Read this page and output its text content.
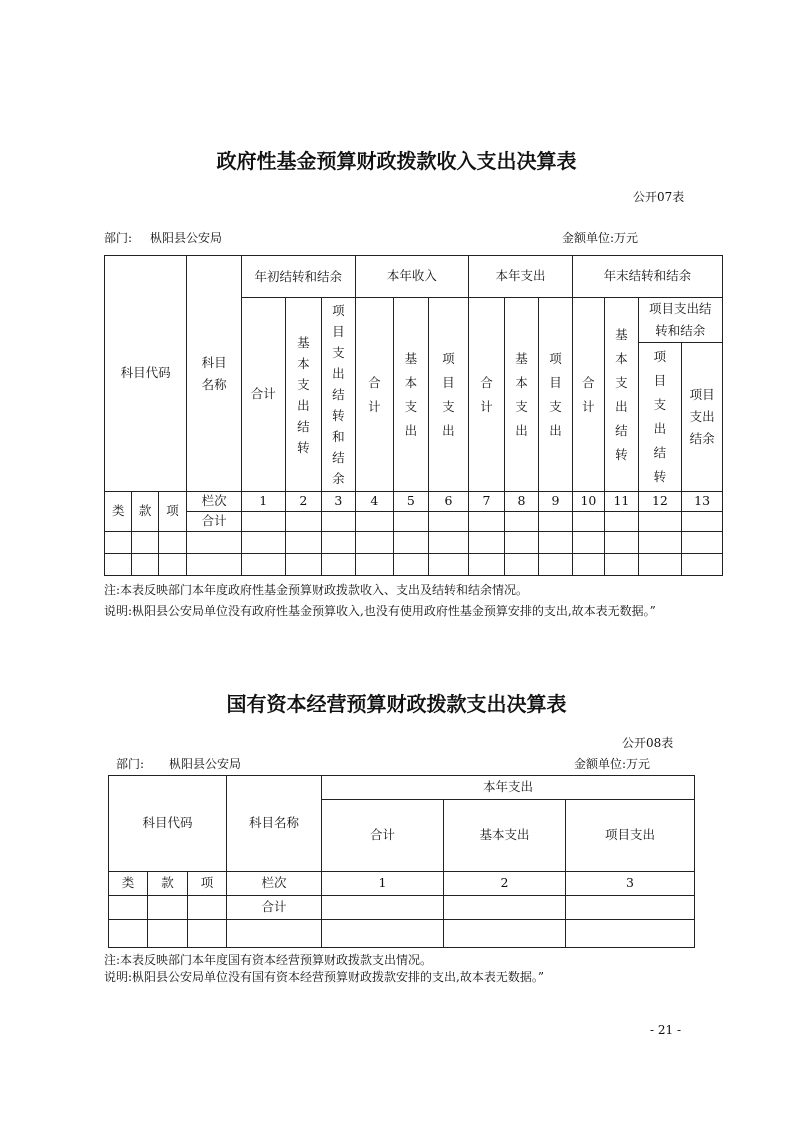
政府性基金预算财政拨款收入支出决算表
公开07表
部门: 枞阳县公安局	金额单位:万元
科目代码			科目名称	年初结转和结余			本年收入			本年支出			年末结转和结余			
				合计	基本支出结转	项目支出结转和结余	合计	基本支出	项目支出	合计	基本支出	项目支出	合计	基本支出结转	项目支出结转和结余	
															项目支出结转	项目支出结余

类	款	项	栏次	1	2	3	4	5	6	7	8	9	10	11	12	13
			合计													

注:本表反映部门本年度政府性基金预算财政拨款收入、支出及结转和结余情况。
说明:枞阳县公安局单位没有政府性基金预算收入,也没有使用政府性基金预算安排的支出,故本表无数据。”
国有资本经营预算财政拨款支出决算表
公开08表
部门: 枞阳县公安局	金额单位:万元
科目代码			科目名称	本年支出		
				合计	基本支出	项目支出
类	款	项	栏次	1	2	3
			合计			

注:本表反映部门本年度国有资本经营预算财政拨款支出情况。
说明:枞阳县公安局单位没有国有资本经营预算财政拨款安排的支出,故本表无数据。”
- 21 -
